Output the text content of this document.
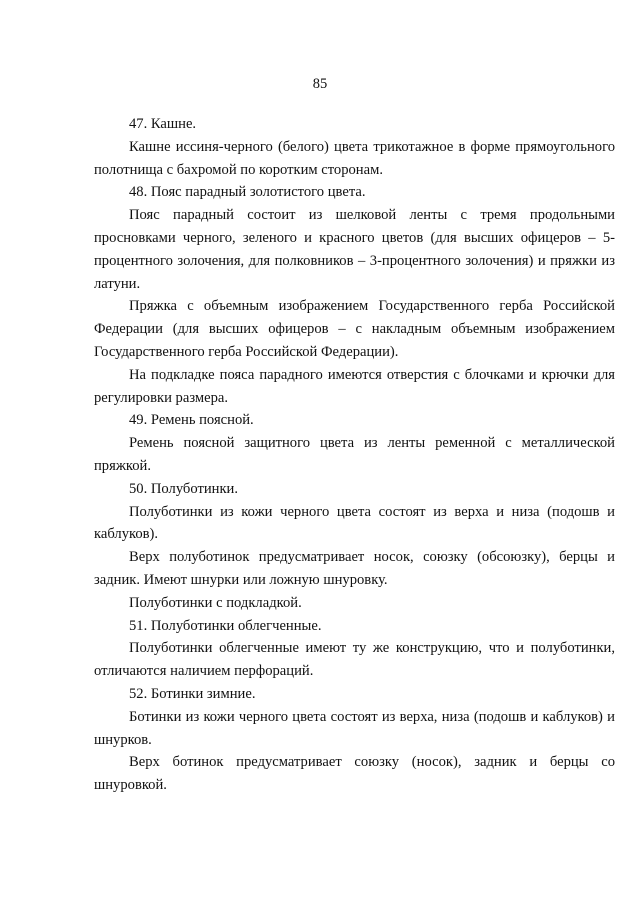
85

47. Кашне.

Кашне иссиня-черного (белого) цвета трикотажное в форме прямоугольного полотнища с бахромой по коротким сторонам.

48. Пояс парадный золотистого цвета.

Пояс парадный состоит из шелковой ленты с тремя продольными просновками черного, зеленого и красного цветов (для высших офицеров – 5-процентного золочения, для полковников – 3-процентного золочения) и пряжки из латуни.

Пряжка с объемным изображением Государственного герба Российской Федерации (для высших офицеров – с накладным объемным изображением Государственного герба Российской Федерации).

На подкладке пояса парадного имеются отверстия с блочками и крючки для регулировки размера.

49. Ремень поясной.

Ремень поясной защитного цвета из ленты ременной с металлической пряжкой.

50. Полуботинки.

Полуботинки из кожи черного цвета состоят из верха и низа (подошв и каблуков).

Верх полуботинок предусматривает носок, союзку (обсоюзку), берцы и задник. Имеют шнурки или ложную шнуровку.

Полуботинки с подкладкой.

51. Полуботинки облегченные.

Полуботинки облегченные имеют ту же конструкцию, что и полуботинки, отличаются наличием перфораций.

52. Ботинки зимние.

Ботинки из кожи черного цвета состоят из верха, низа (подошв и каблуков) и шнурков.

Верх ботинок предусматривает союзку (носок), задник и берцы со шнуровкой.
